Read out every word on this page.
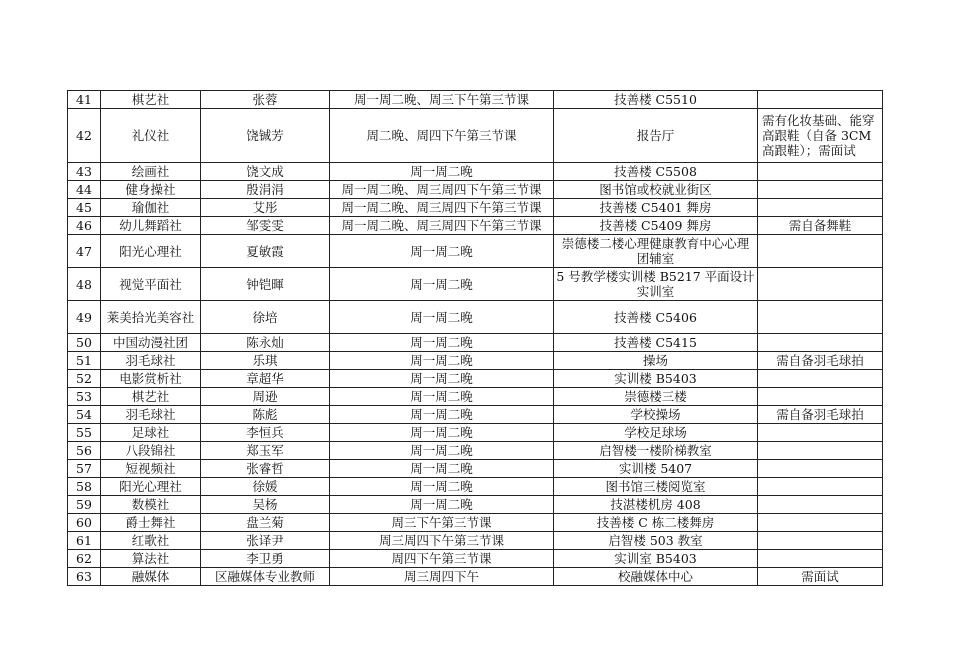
41	棋艺社	张蓉	周一周二晚、周三下午第三节课	技善楼 C5510	
42	礼仪社	饶铖芳	周二晚、周四下午第三节课	报告厅	需有化妆基础、能穿高跟鞋（自备 3CM 高跟鞋）；需面试
43	绘画社	饶文成	周一周二晚	技善楼 C5508	
44	健身操社	殷涓涓	周一周二晚、周三周四下午第三节课	图书馆或校就业街区	
45	瑜伽社	艾彤	周一周二晚、周三周四下午第三节课	技善楼 C5401 舞房	
46	幼儿舞蹈社	邹雯雯	周一周二晚、周三周四下午第三节课	技善楼 C5409 舞房	需自备舞鞋
47	阳光心理社	夏敏霞	周一周二晚	崇德楼二楼心理健康教育中心心理团辅室	
48	视觉平面社	钟铠暉	周一周二晚	5 号教学楼实训楼 B5217 平面设计实训室	
49	莱美拾光美容社	徐培	周一周二晚	技善楼 C5406	
50	中国动漫社团	陈永灿	周一周二晚	技善楼 C5415	
51	羽毛球社	乐琪	周一周二晚	操场	需自备羽毛球拍
52	电影赏析社	章超华	周一周二晚	实训楼 B5403	
53	棋艺社	周逊	周一周二晚	崇德楼三楼	
54	羽毛球社	陈彪	周一周二晚	学校操场	需自备羽毛球拍
55	足球社	李恒兵	周一周二晚	学校足球场	
56	八段锦社	郑玉军	周一周二晚	启智楼一楼阶梯教室	
57	短视频社	张睿哲	周一周二晚	实训楼 5407	
58	阳光心理社	徐媛	周一周二晚	图书馆三楼阅览室	
59	数模社	吴杨	周一周二晚	技湛楼机房 408	
60	爵士舞社	盘兰菊	周三下午第三节课	技善楼 C 栋二楼舞房	
61	红歌社	张译尹	周三周四下午第三节课	启智楼 503 教室	
62	算法社	李卫勇	周四下午第三节课	实训室 B5403	
63	融媒体	区融媒体专业教师	周三周四下午	校融媒体中心	需面试
